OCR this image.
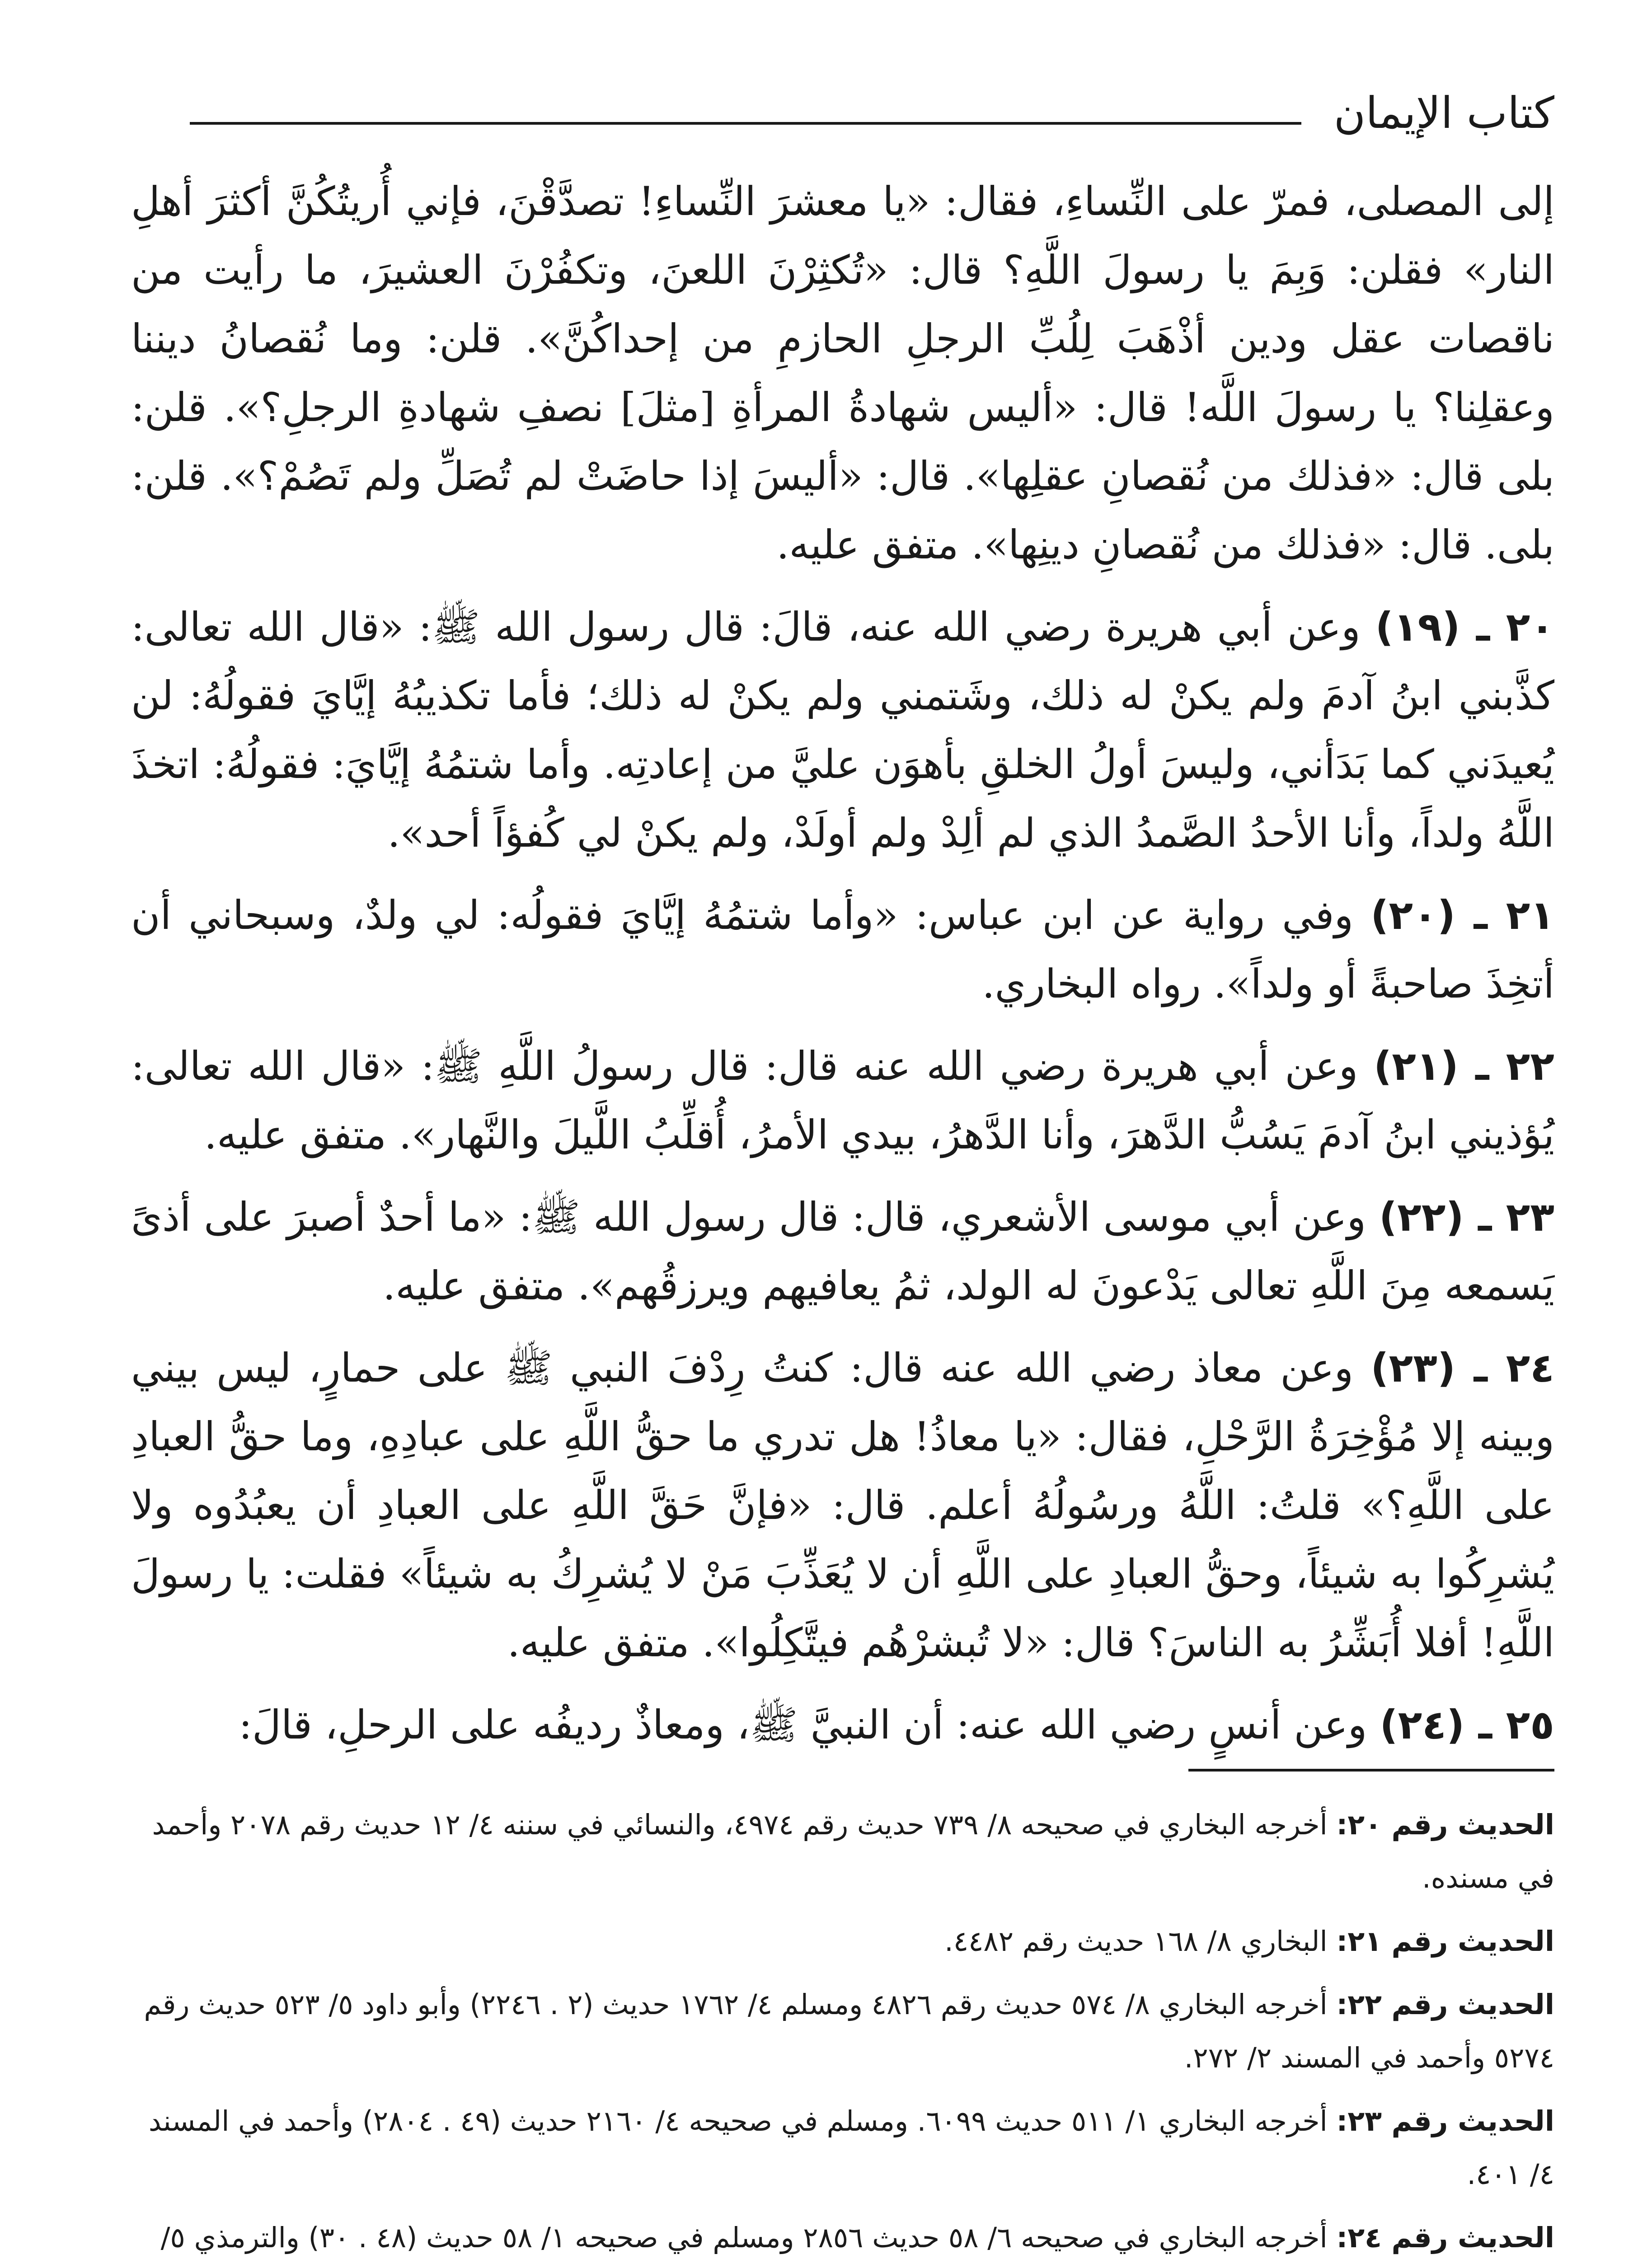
كتاب الإيمان

إلى المصلى، فمرّ على النِّساءِ، فقال: «يا معشرَ النِّساءِ! تصدَّقْنَ، فإني أُريتُكُنَّ أكثرَ أهلِ النار» فقلن: وَبِمَ يا رسولَ اللَّهِ؟ قال: «تُكثِرْنَ اللعنَ، وتكفُرْنَ العشيرَ، ما رأيت من ناقصات عقل ودين أذْهَبَ لِلُبِّ الرجلِ الحازمِ من إحداكُنَّ». قلن: وما نُقصانُ ديننا وعقلِنا؟ يا رسولَ اللَّه! قال: «أليس شهادةُ المرأةِ [مثلَ] نصفِ شهادةِ الرجلِ؟». قلن: بلى قال: «فذلك من نُقصانِ عقلِها». قال: «أليسَ إذا حاضَتْ لم تُصَلِّ ولم تَصُمْ؟». قلن: بلى. قال: «فذلك من نُقصانِ دينِها». متفق عليه.

٢٠ ـ (١٩) وعن أبي هريرة رضي الله عنه، قالَ: قال رسول الله ﷺ: «قال الله تعالى: كذَّبني ابنُ آدمَ ولم يكنْ له ذلك، وشَتمني ولم يكنْ له ذلك؛ فأما تكذيبُهُ إيَّايَ فقولُهُ: لن يُعيدَني كما بَدَأني، وليسَ أولُ الخلقِ بأهوَن عليَّ من إعادتِه. وأما شتمُهُ إيَّايَ: فقولُهُ: اتخذَ اللَّهُ ولداً، وأنا الأحدُ الصَّمدُ الذي لم ألِدْ ولم أولَدْ، ولم يكنْ لي كُفؤاً أحد».

٢١ ـ (٢٠) وفي رواية عن ابن عباس: «وأما شتمُهُ إيَّايَ فقولُه: لي ولدٌ، وسبحاني أن أتخِذَ صاحبةً أو ولداً». رواه البخاري.

٢٢ ـ (٢١) وعن أبي هريرة رضي الله عنه قال: قال رسولُ اللَّهِ ﷺ: «قال الله تعالى: يُؤذيني ابنُ آدمَ يَسُبُّ الدَّهرَ، وأنا الدَّهرُ، بيدي الأمرُ، أُقلِّبُ اللَّيلَ والنَّهار». متفق عليه.

٢٣ ـ (٢٢) وعن أبي موسى الأشعري، قال: قال رسول الله ﷺ: «ما أحدٌ أصبرَ على أذىً يَسمعه مِنَ اللَّهِ تعالى يَدْعونَ له الولد، ثمُ يعافيهم ويرزقُهم». متفق عليه.

٢٤ ـ (٢٣) وعن معاذ رضي الله عنه قال: كنتُ رِدْفَ النبي ﷺ على حمارٍ، ليس بيني وبينه إلا مُؤْخِرَةُ الرَّحْلِ، فقال: «يا معاذُ! هل تدري ما حقُّ اللَّهِ على عبادِهِ، وما حقُّ العبادِ على اللَّهِ؟» قلتُ: اللَّهُ ورسُولُهُ أعلم. قال: «فإنَّ حَقَّ اللَّهِ على العبادِ أن يعبُدُوه ولا يُشرِكُوا به شيئاً، وحقُّ العبادِ على اللَّهِ أن لا يُعَذِّبَ مَنْ لا يُشرِكُ به شيئاً» فقلت: يا رسولَ اللَّهِ! أفلا أُبَشِّرُ به الناسَ؟ قال: «لا تُبشرْهُم فيتَّكِلُوا». متفق عليه.

٢٥ ـ (٢٤) وعن أنسٍ رضي الله عنه: أن النبيَّ ﷺ، ومعاذٌ رديفُه على الرحلِ، قالَ:

الحديث رقم ٢٠: أخرجه البخاري في صحيحه ٨/ ٧٣٩ حديث رقم ٤٩٧٤، والنسائي في سننه ٤/ ١٢ حديث رقم ٢٠٧٨ وأحمد في مسنده.

الحديث رقم ٢١: البخاري ٨/ ١٦٨ حديث رقم ٤٤٨٢.

الحديث رقم ٢٢: أخرجه البخاري ٨/ ٥٧٤ حديث رقم ٤٨٢٦ ومسلم ٤/ ١٧٦٢ حديث (٢ . ٢٢٤٦) وأبو داود ٥/ ٥٢٣ حديث رقم ٥٢٧٤ وأحمد في المسند ٢/ ٢٧٢.

الحديث رقم ٢٣: أخرجه البخاري ١/ ٥١١ حديث ٦٠٩٩. ومسلم في صحيحه ٤/ ٢١٦٠ حديث (٤٩ . ٢٨٠٤) وأحمد في المسند ٤/ ٤٠١.

الحديث رقم ٢٤: أخرجه البخاري في صحيحه ٦/ ٥٨ حديث ٢٨٥٦ ومسلم في صحيحه ١/ ٥٨ حديث (٤٨ . ٣٠) والترمذي ٥/
